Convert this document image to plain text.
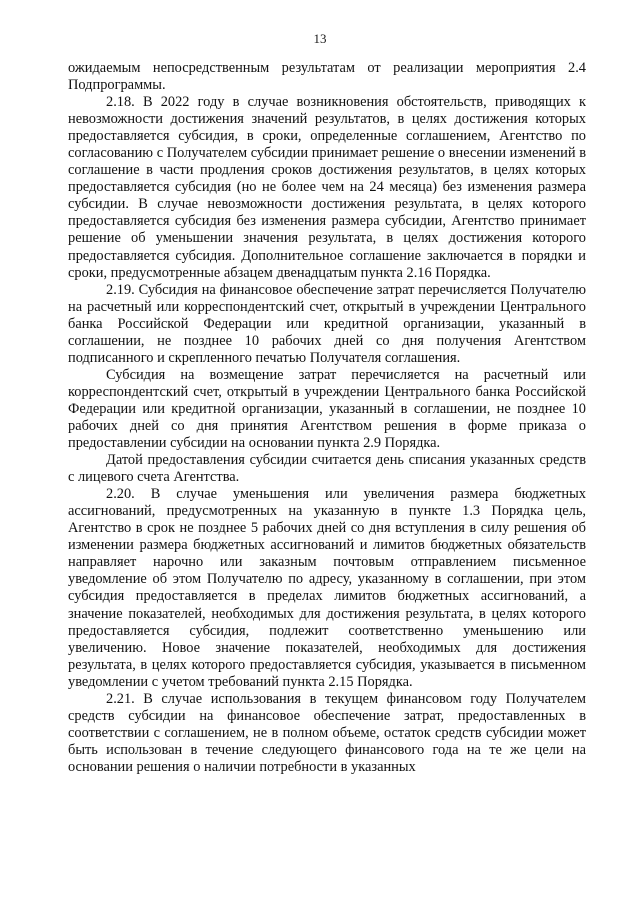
13

ожидаемым непосредственным результатам от реализации мероприятия 2.4 Подпрограммы.

2.18. В 2022 году в случае возникновения обстоятельств, приводящих к невозможности достижения значений результатов, в целях достижения которых предоставляется субсидия, в сроки, определенные соглашением, Агентство по согласованию с Получателем субсидии принимает решение о внесении изменений в соглашение в части продления сроков достижения результатов, в целях которых предоставляется субсидия (но не более чем на 24 месяца) без изменения размера субсидии. В случае невозможности достижения результата, в целях которого предоставляется субсидия без изменения размера субсидии, Агентство принимает решение об уменьшении значения результата, в целях достижения которого предоставляется субсидия. Дополнительное соглашение заключается в порядки и сроки, предусмотренные абзацем двенадцатым пункта 2.16 Порядка.

2.19. Субсидия на финансовое обеспечение затрат перечисляется Получателю на расчетный или корреспондентский счет, открытый в учреждении Центрального банка Российской Федерации или кредитной организации, указанный в соглашении, не позднее 10 рабочих дней со дня получения Агентством подписанного и скрепленного печатью Получателя соглашения.

Субсидия на возмещение затрат перечисляется на расчетный или корреспондентский счет, открытый в учреждении Центрального банка Российской Федерации или кредитной организации, указанный в соглашении, не позднее 10 рабочих дней со дня принятия Агентством решения в форме приказа о предоставлении субсидии на основании пункта 2.9 Порядка.

Датой предоставления субсидии считается день списания указанных средств с лицевого счета Агентства.

2.20. В случае уменьшения или увеличения размера бюджетных ассигнований, предусмотренных на указанную в пункте 1.3 Порядка цель, Агентство в срок не позднее 5 рабочих дней со дня вступления в силу решения об изменении размера бюджетных ассигнований и лимитов бюджетных обязательств направляет нарочно или заказным почтовым отправлением письменное уведомление об этом Получателю по адресу, указанному в соглашении, при этом субсидия предоставляется в пределах лимитов бюджетных ассигнований, а значение показателей, необходимых для достижения результата, в целях которого предоставляется субсидия, подлежит соответственно уменьшению или увеличению. Новое значение показателей, необходимых для достижения результата, в целях которого предоставляется субсидия, указывается в письменном уведомлении с учетом требований пункта 2.15 Порядка.

2.21. В случае использования в текущем финансовом году Получателем средств субсидии на финансовое обеспечение затрат, предоставленных в соответствии с соглашением, не в полном объеме, остаток средств субсидии может быть использован в течение следующего финансового года на те же цели на основании решения о наличии потребности в указанных
